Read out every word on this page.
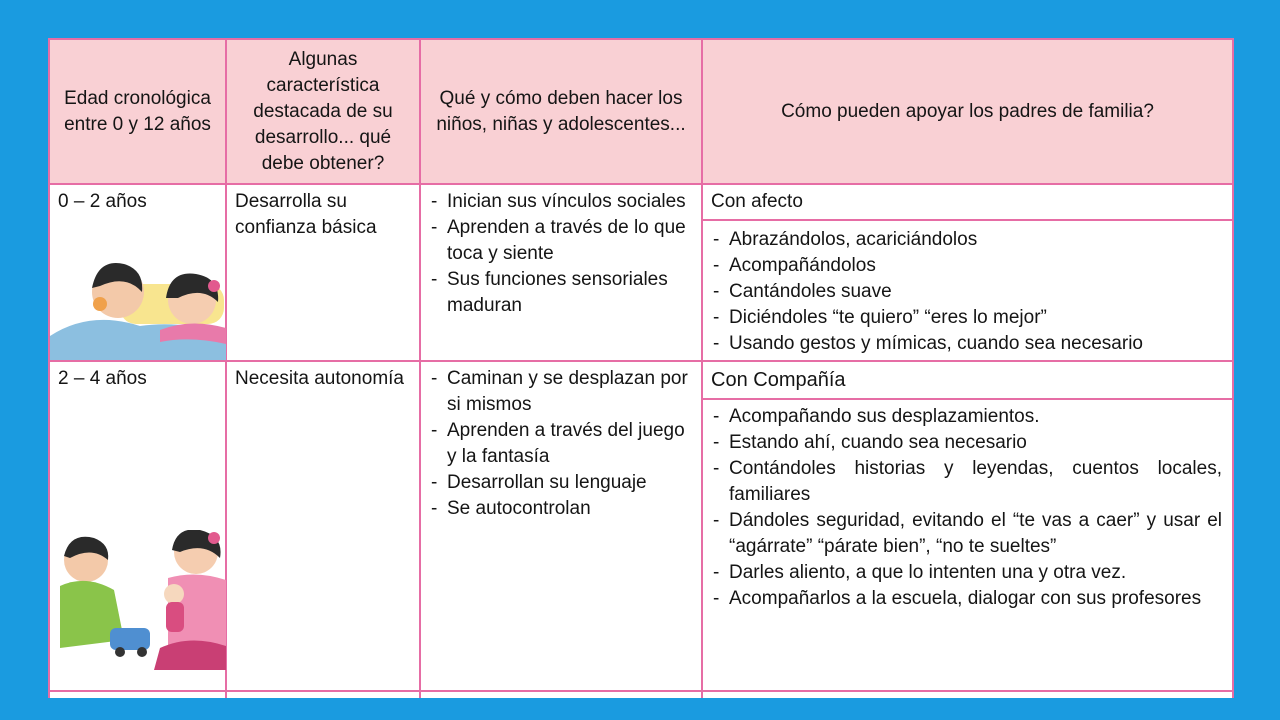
Edad cronológica entre 0 y 12 años
Algunas característica destacada de su desarrollo... qué debe obtener?
Qué y cómo deben hacer los niños, niñas y adolescentes...
Cómo pueden apoyar los padres de familia?
0 – 2 años	Desarrolla su confianza básica
- Inician sus vínculos sociales
- Aprenden a través de lo que toca y siente
- Sus funciones sensoriales maduran
Con afecto
- Abrazándolos, acariciándolos
- Acompañándolos
- Cantándoles suave
- Diciéndoles “te quiero” “eres lo mejor”
- Usando gestos y mímicas, cuando sea necesario
2 – 4 años	Necesita autonomía
-	Caminan y se desplazan por si mismos
- Aprenden a través del juego y la fantasía
- Desarrollan su lenguaje
- Se autocontrolan
Con Compañía
- Acompañando sus desplazamientos.
- Estando ahí, cuando sea necesario
- Contándoles historias y leyendas, cuentos locales, familiares
- Dándoles seguridad, evitando el “te vas a caer” y usar el “agárrate” “párate bien”, “no te sueltes”
- Darles aliento, a que lo intenten una y otra vez.
- Acompañarlos a la escuela, dialogar con sus profesores
